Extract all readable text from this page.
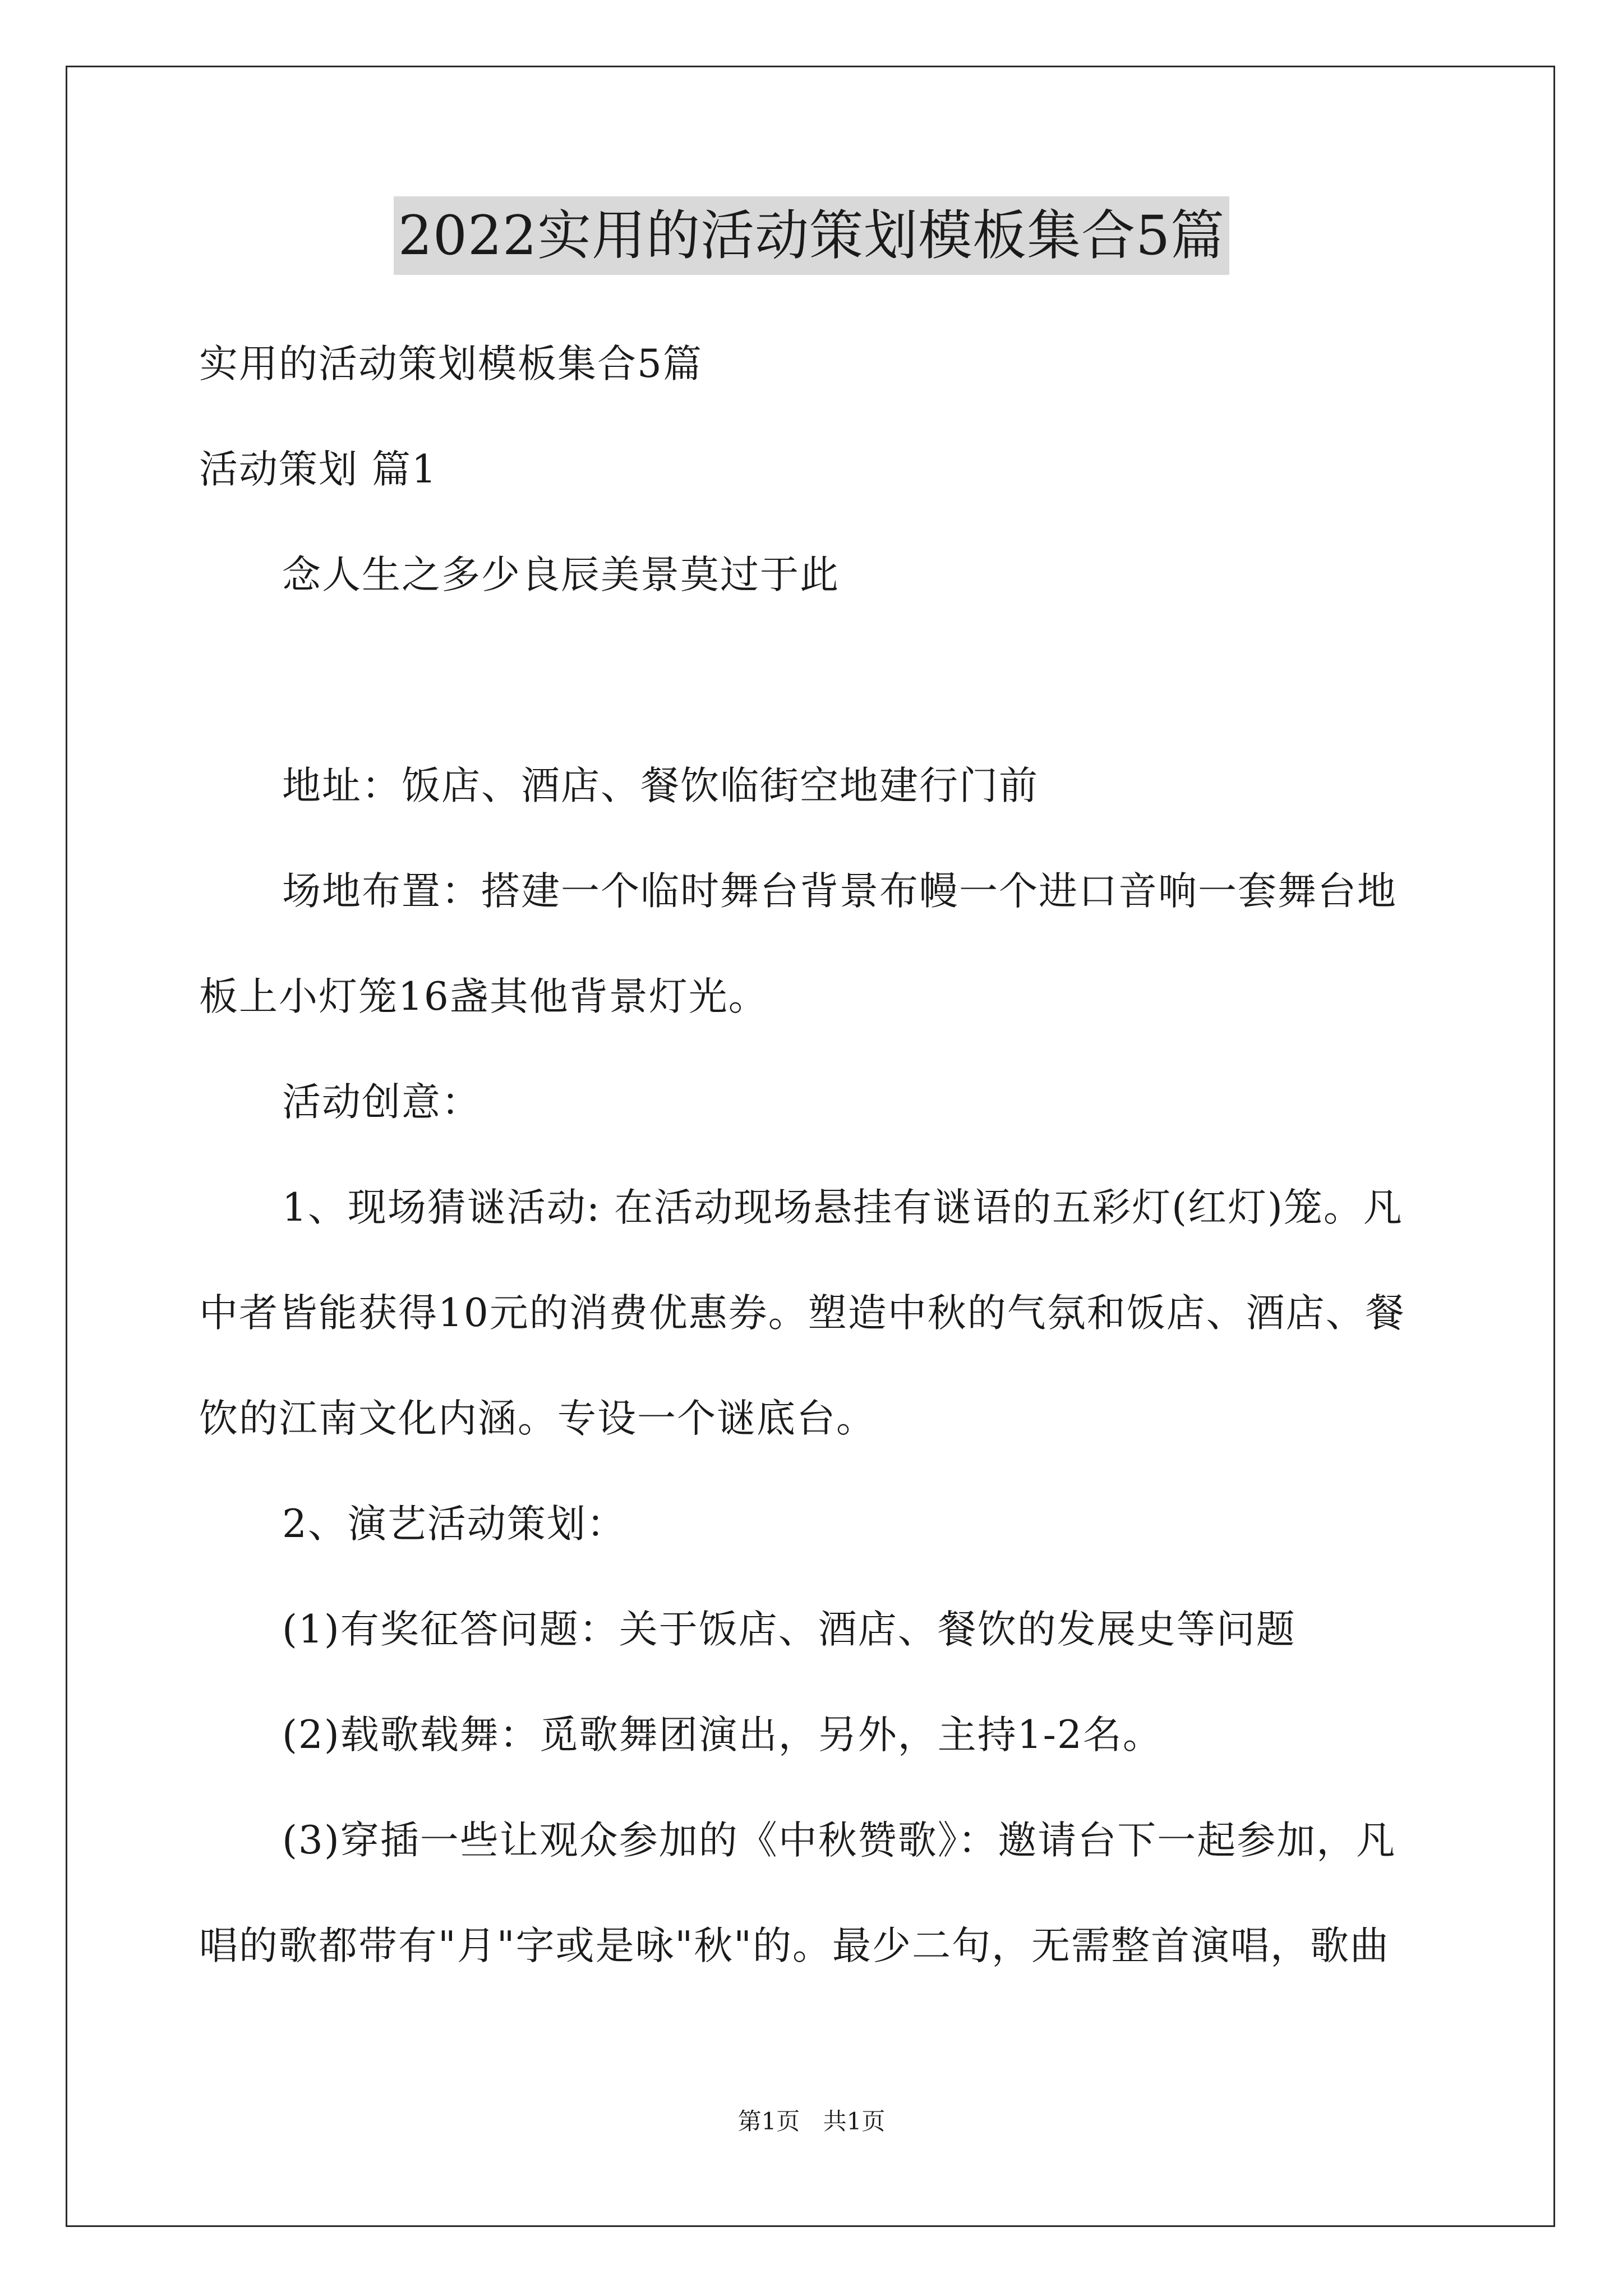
2022实用的活动策划模板集合5篇

实用的活动策划模板集合5篇

活动策划 篇1

念人生之多少良辰美景莫过于此

地址：饭店、酒店、餐饮临街空地建行门前

场地布置：搭建一个临时舞台背景布幔一个进口音响一套舞台地板上小灯笼16盏其他背景灯光。

活动创意：

1、现场猜谜活动: 在活动现场悬挂有谜语的五彩灯(红灯)笼。凡中者皆能获得10元的消费优惠券。塑造中秋的气氛和饭店、酒店、餐饮的江南文化内涵。专设一个谜底台。

2、演艺活动策划：

(1)有奖征答问题：关于饭店、酒店、餐饮的发展史等问题

(2)载歌载舞：觅歌舞团演出，另外，主持1-2名。

(3)穿插一些让观众参加的《中秋赞歌》：邀请台下一起参加，凡唱的歌都带有"月"字或是咏"秋"的。最少二句，无需整首演唱，歌曲

第1页 共1页
